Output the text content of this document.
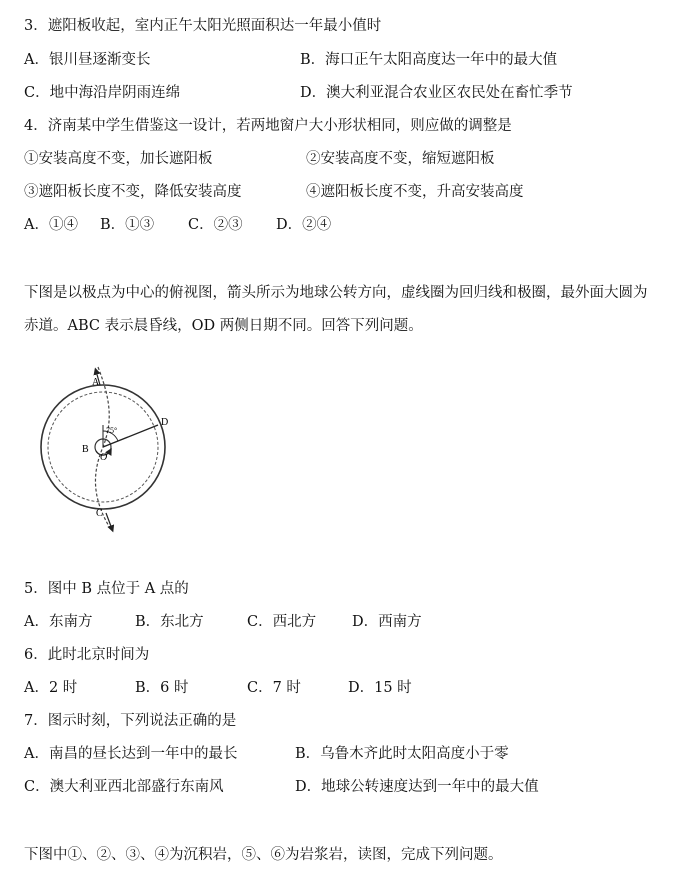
3．遮阳板收起，室内正午太阳光照面积达一年最小值时
A．银川昼逐渐变长	B．海口正午太阳高度达一年中的最大值
C．地中海沿岸阴雨连绵	D．澳大利亚混合农业区农民处在畜忙季节
4．济南某中学生借鉴这一设计，若两地窗户大小形状相同，则应做的调整是
①安装高度不变，加长遮阳板	②安装高度不变，缩短遮阳板
③遮阳板长度不变，降低安装高度	④遮阳板长度不变，升高安装高度
A．①④ B．①③ C．②③ D．②④
下图是以极点为中心的俯视图，箭头所示为地球公转方向，虚线圈为回归线和极圈，最外面大圆为
赤道。ABC 表示晨昏线，OD 两侧日期不同。回答下列问题。
A
B
C
D
O
75°
5．图中 B 点位于 A 点的
A．东南方	B．东北方	C．西北方 D．西南方
6．此时北京时间为
A．2 时	B．6 时	C．7 时	D．15 时
7．图示时刻，下列说法正确的是
A．南昌的昼长达到一年中的最长	B．乌鲁木齐此时太阳高度小于零
C．澳大利亚西北部盛行东南风	D．地球公转速度达到一年中的最大值
下图中①、②、③、④为沉积岩，⑤、⑥为岩浆岩，读图，完成下列问题。
